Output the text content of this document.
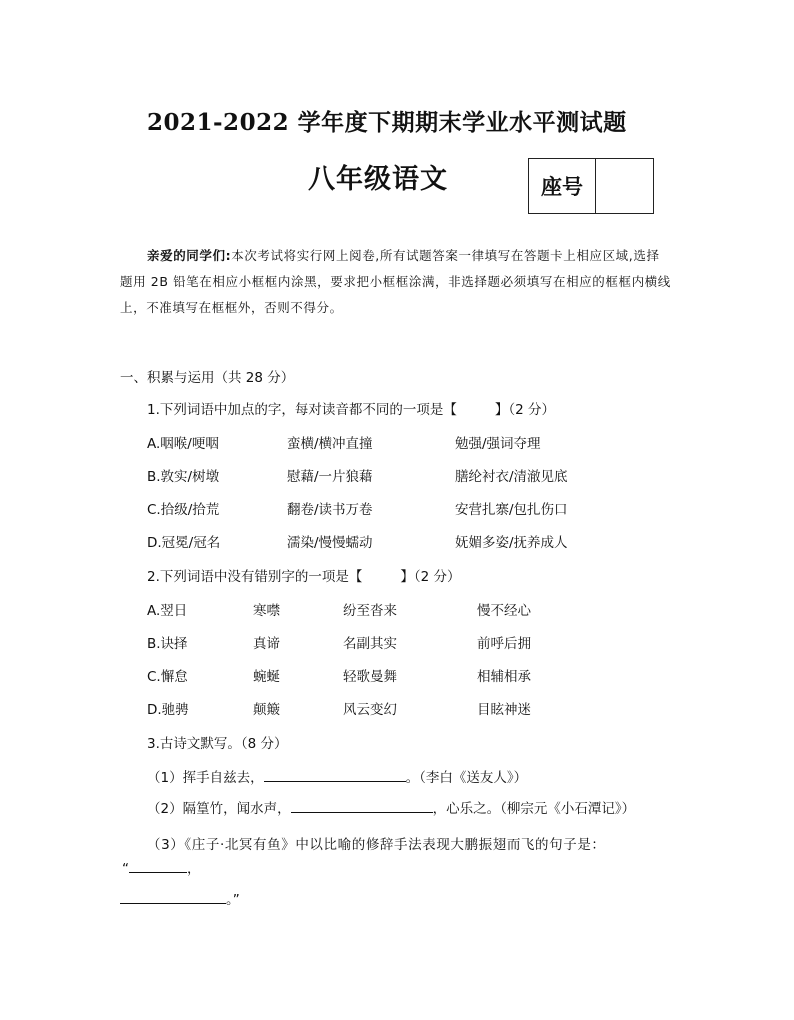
2021-2022 学年度下期期末学业水平测试题
八年级语文	座号
亲爱的同学们:本次考试将实行网上阅卷,所有试题答案一律填写在答题卡上相应区域,选择题用 2B 铅笔在相应小框框内涂黑，要求把小框框涂满，非选择题必须填写在相应的框框内横线上，不准填写在框框外，否则不得分。
一、积累与运用（共 28 分）
1.下列词语中加点的字，每对读音都不同的一项是【	】（2 分）
A.咽喉/哽咽	蛮横/横冲直撞	勉强/强词夺理
B.敦实/树墩	慰藉/一片狼藉	膳纶衬衣/清澈见底
C.拾级/拾荒	翻卷/读书万卷	安营扎寨/包扎伤口
D.冠冕/冠名	濡染/慢慢蠕动	妩媚多姿/抚养成人
2.下列词语中没有错别字的一项是【	】（2 分）
A.翌日	寒噤	纷至沓来	慢不经心
B.诀择	真谛	名副其实	前呼后拥
C.懈怠	蜿蜒	轻歌曼舞	相辅相承
D.驰骋	颠簸	风云变幻	目眩神迷
3.古诗文默写。（8 分）
（1）挥手自兹去，	。（李白《送友人》）
（2）隔篁竹，闻水声，	，心乐之。（柳宗元《小石潭记》）
（3）《庄子·北冥有鱼》中以比喻的修辞手法表现大鹏振翅而飞的句子是：
“	，
。”
